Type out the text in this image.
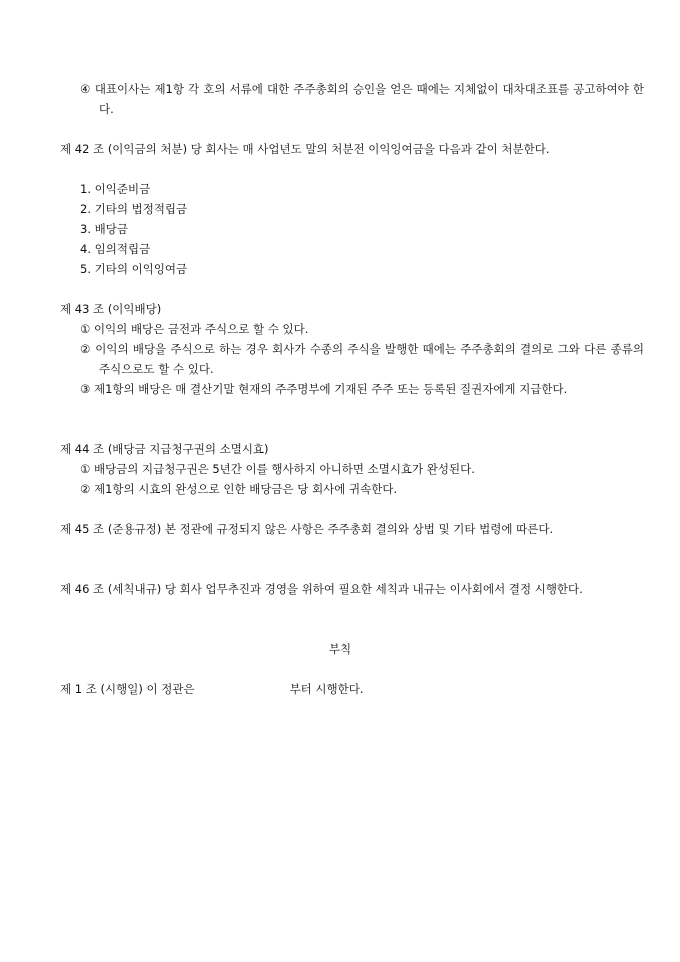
④ 대표이사는 제1항 각 호의 서류에 대한 주주총회의 승인을 얻은 때에는 지체없이 대차대조표를 공고하여야 한다.
제 42 조 (이익금의 처분) 당 회사는 매 사업년도 말의 처분전 이익잉여금을 다음과 같이 처분한다.
1. 이익준비금
2. 기타의 법정적립금
3. 배당금
4. 임의적립금
5. 기타의 이익잉여금
제 43 조 (이익배당)
① 이익의 배당은 금전과 주식으로 할 수 있다.
② 이익의 배당을 주식으로 하는 경우 회사가 수종의 주식을 발행한 때에는 주주총회의 결의로 그와 다른 종류의 주식으로도 할 수 있다.
③ 제1항의 배당은 매 결산기말 현재의 주주명부에 기재된 주주 또는 등록된 질권자에게 지급한다.
제 44 조 (배당금 지급청구권의 소멸시효)
① 배당금의 지급청구권은 5년간 이를 행사하지 아니하면 소멸시효가 완성된다.
② 제1항의 시효의 완성으로 인한 배당금은 당 회사에 귀속한다.
제 45 조 (준용규정) 본 정관에 규정되지 않은 사항은 주주총회 결의와 상법 및 기타 법령에 따른다.
제 46 조 (세칙내규) 당 회사 업무추진과 경영을 위하여 필요한 세칙과 내규는 이사회에서 결정 시행한다.
부칙
제 1 조 (시행일) 이 정관은	부터 시행한다.
